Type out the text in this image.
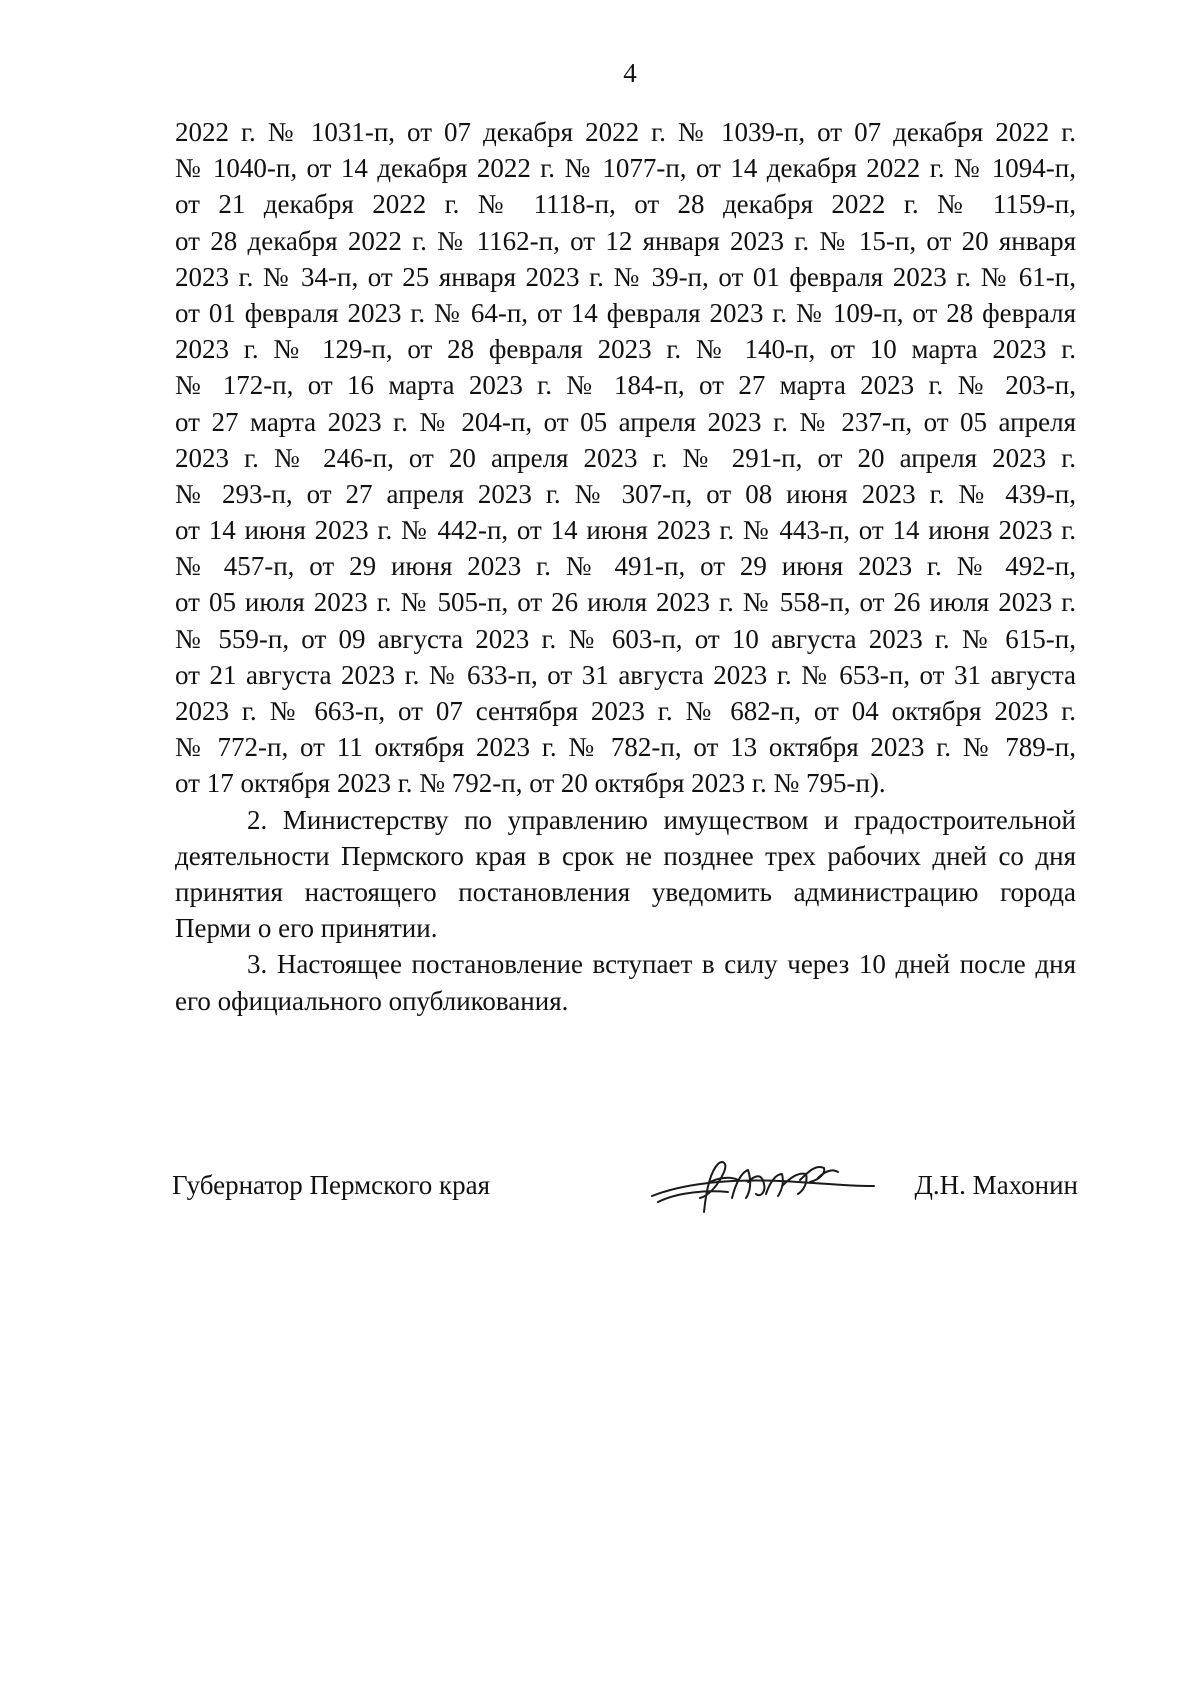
4
2022 г. № 1031-п, от 07 декабря 2022 г. № 1039-п, от 07 декабря 2022 г.
№ 1040-п, от 14 декабря 2022 г. № 1077-п, от 14 декабря 2022 г. № 1094-п,
от 21 декабря 2022 г. № 1118-п, от 28 декабря 2022 г. № 1159-п,
от 28 декабря 2022 г. № 1162-п, от 12 января 2023 г. № 15-п, от 20 января
2023 г. № 34-п, от 25 января 2023 г. № 39-п, от 01 февраля 2023 г. № 61-п,
от 01 февраля 2023 г. № 64-п, от 14 февраля 2023 г. № 109-п, от 28 февраля
2023 г. № 129-п, от 28 февраля 2023 г. № 140-п, от 10 марта 2023 г.
№ 172-п, от 16 марта 2023 г. № 184-п, от 27 марта 2023 г. № 203-п,
от 27 марта 2023 г. № 204-п, от 05 апреля 2023 г. № 237-п, от 05 апреля
2023 г. № 246-п, от 20 апреля 2023 г. № 291-п, от 20 апреля 2023 г.
№ 293-п, от 27 апреля 2023 г. № 307-п, от 08 июня 2023 г. № 439-п,
от 14 июня 2023 г. № 442-п, от 14 июня 2023 г. № 443-п, от 14 июня 2023 г.
№ 457-п, от 29 июня 2023 г. № 491-п, от 29 июня 2023 г. № 492-п,
от 05 июля 2023 г. № 505-п, от 26 июля 2023 г. № 558-п, от 26 июля 2023 г.
№ 559-п, от 09 августа 2023 г. № 603-п, от 10 августа 2023 г. № 615-п,
от 21 августа 2023 г. № 633-п, от 31 августа 2023 г. № 653-п, от 31 августа
2023 г. № 663-п, от 07 сентября 2023 г. № 682-п, от 04 октября 2023 г.
№ 772-п, от 11 октября 2023 г. № 782-п, от 13 октября 2023 г. № 789-п,
от 17 октября 2023 г. № 792-п, от 20 октября 2023 г. № 795-п).
2. Министерству по управлению имуществом и градостроительной
деятельности Пермского края в срок не позднее трех рабочих дней со дня
принятия настоящего постановления уведомить администрацию города
Перми о его принятии.
3. Настоящее постановление вступает в силу через 10 дней после дня
его официального опубликования.
Губернатор Пермского края	Д.Н. Махонин
